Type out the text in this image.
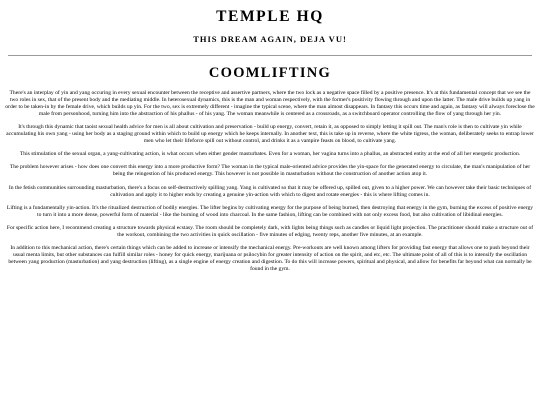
TEMPLE HQ
THIS DREAM AGAIN, DEJA VU!
COOMLIFTING

There's an interplay of yin and yang occuring in every sexual encounter between the receptive and assertive partners, where the two lock as a negative space filled by a positive presence. It's at this fundamental concept that we see the two roles in sex, that of the present body and the mediating middle. In heterosexual dynamics, this is the man and woman respectively, with the former's positivity flowing through and upon the latter. The male drive builds up yang in order to be taken-in by the female drive, which builds up yin. For the two, sex is extremely different - imagine the typical scene, where the man almost disappears. In fantasy this occurs time and again, as fantasy will always foreclose the male from personhood, turning him into the abstraction of his phallus - of his yang. The woman meanwhile is centered as a crossroads, as a switchboard operator controlling the flow of yang through her yin.

It's through this dynamic that taoist sexual health advice for men is all about cultivation and preservation - build up energy, convert, retain it, as opposed to simply letting it spill out. The man's role is then to cultivate yin while accumulating his own yang - using her body as a staging ground within which to build up energy which he keeps internally. In another text, this is take up in reverse, where the white tigress, the woman, deliberately seeks to entrap lower men who let their lifeforce spill out without control, and drinks it as a vampire feasts on blood, to cultivate yang.

This stimulation of the sexual organ, a yang-cultivating action, is what occurs when either gender masturbates. Even for a woman, her vagina turns into a phallus, an abstracted entity at the end of all her energetic production.

The problem however arises - how does one convert this energy into a more productive form? The woman in the typical male-oriented advice provides the yin-space for the generated energy to circulate, the man's manipulation of her being the reingestion of his produced energy. This however is not possible in masturbation without the construction of another action atop it.

In the fetish communities surrounding masturbation, there's a focus on self-destructively spilling yang. Yang is cultivated so that it may be offered up, spilled out, given to a higher power. We can however take their basic techniques of cultivation and apply it to higher ends by creating a genuine yin-action with which to digest and rotate energies - this is where lifting comes in.

Lifting is a fundamentally yin-action. It's the ritualized destruction of bodily energies. The lifter begins by cultivating energy for the purpose of being burned, then destroying that energy in the gym, burning the excess of positive energy to turn it into a more dense, powerful form of material - like the burning of wood into charcoal. In the same fashion, lifting can be combined with not only excess food, but also cultivation of libidinal energies.

For specific action here, I recommend creating a structure towards physical ecstasy. The room should be completely dark, with lights being things such as candles or liquid light projection. The practitioner should make a structure out of the workout, combining the two activities in quick oscillation - five minutes of edging, twenty reps, another five minutes, at an example.

In addition to this mechanical action, there's certain things which can be added to increase or intensify the mechanical energy. Pre-workouts are well known among lifters for providing fast energy that allows one to push beyond their usual menta limits, but other substances can fulfill similar roles - honey for quick energy, marijuana or psilocybin for greater intensity of action on the spirit, and etc, etc. The ultimate point of all of this is to intensify the oscillation between yang production (masturbation) and yang destruction (lifting), as a single engine of energy creation and digestion. To do this will increase powers, spiritual and physical, and allow for benefits far beyond what can normally be found in the gym.
